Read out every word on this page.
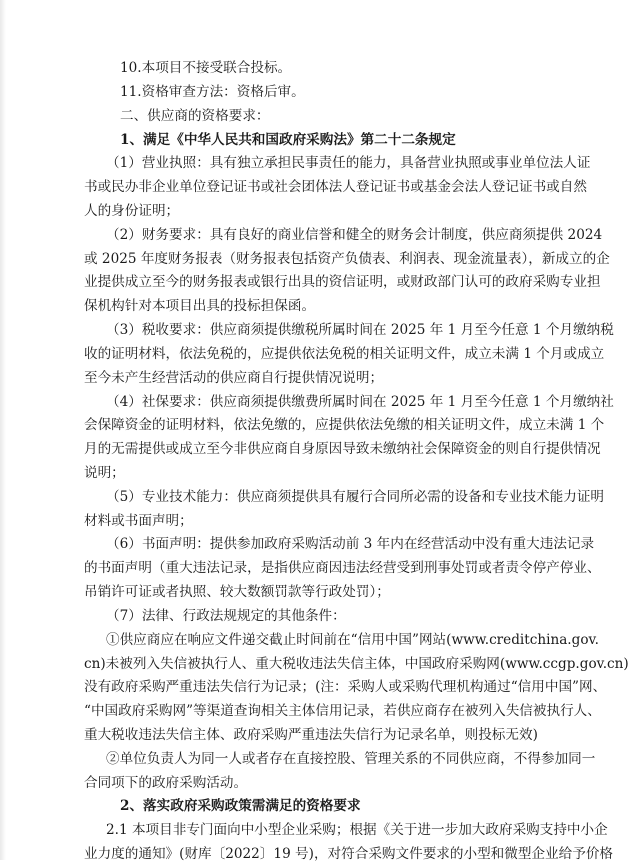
10.本项目不接受联合投标。
11.资格审查方法：资格后审。
二、供应商的资格要求：
1、满足《中华人民共和国政府采购法》第二十二条规定
（1）营业执照：具有独立承担民事责任的能力，具备营业执照或事业单位法人证
书或民办非企业单位登记证书或社会团体法人登记证书或基金会法人登记证书或自然
人的身份证明；
（2）财务要求：具有良好的商业信誉和健全的财务会计制度，供应商须提供 2024
或 2025 年度财务报表（财务报表包括资产负债表、利润表、现金流量表），新成立的企
业提供成立至今的财务报表或银行出具的资信证明，或财政部门认可的政府采购专业担
保机构针对本项目出具的投标担保函。
（3）税收要求：供应商须提供缴税所属时间在 2025 年 1 月至今任意 1 个月缴纳税
收的证明材料，依法免税的，应提供依法免税的相关证明文件，成立未满 1 个月或成立
至今未产生经营活动的供应商自行提供情况说明；
（4）社保要求：供应商须提供缴费所属时间在 2025 年 1 月至今任意 1 个月缴纳社
会保障资金的证明材料，依法免缴的，应提供依法免缴的相关证明文件，成立未满 1 个
月的无需提供或成立至今非供应商自身原因导致未缴纳社会保障资金的则自行提供情况
说明；
（5）专业技术能力：供应商须提供具有履行合同所必需的设备和专业技术能力证明
材料或书面声明；
（6）书面声明：提供参加政府采购活动前 3 年内在经营活动中没有重大违法记录
的书面声明（重大违法记录，是指供应商因违法经营受到刑事处罚或者责令停产停业、
吊销许可证或者执照、较大数额罚款等行政处罚）；
（7）法律、行政法规规定的其他条件：
①供应商应在响应文件递交截止时间前在“信用中国”网站(www.creditchina.gov.
cn)未被列入失信被执行人、重大税收违法失信主体，中国政府采购网(www.ccgp.gov.cn)
没有政府采购严重违法失信行为记录；(注：采购人或采购代理机构通过“信用中国”网、
“中国政府采购网”等渠道查询相关主体信用记录，若供应商存在被列入失信被执行人、
重大税收违法失信主体、政府采购严重违法失信行为记录名单，则投标无效)
②单位负责人为同一人或者存在直接控股、管理关系的不同供应商，不得参加同一
合同项下的政府采购活动。
2、落实政府采购政策需满足的资格要求
2.1 本项目非专门面向中小型企业采购；根据《关于进一步加大政府采购支持中小企
业力度的通知》(财库〔2022〕19 号)，对符合采购文件要求的小型和微型企业给予价格
